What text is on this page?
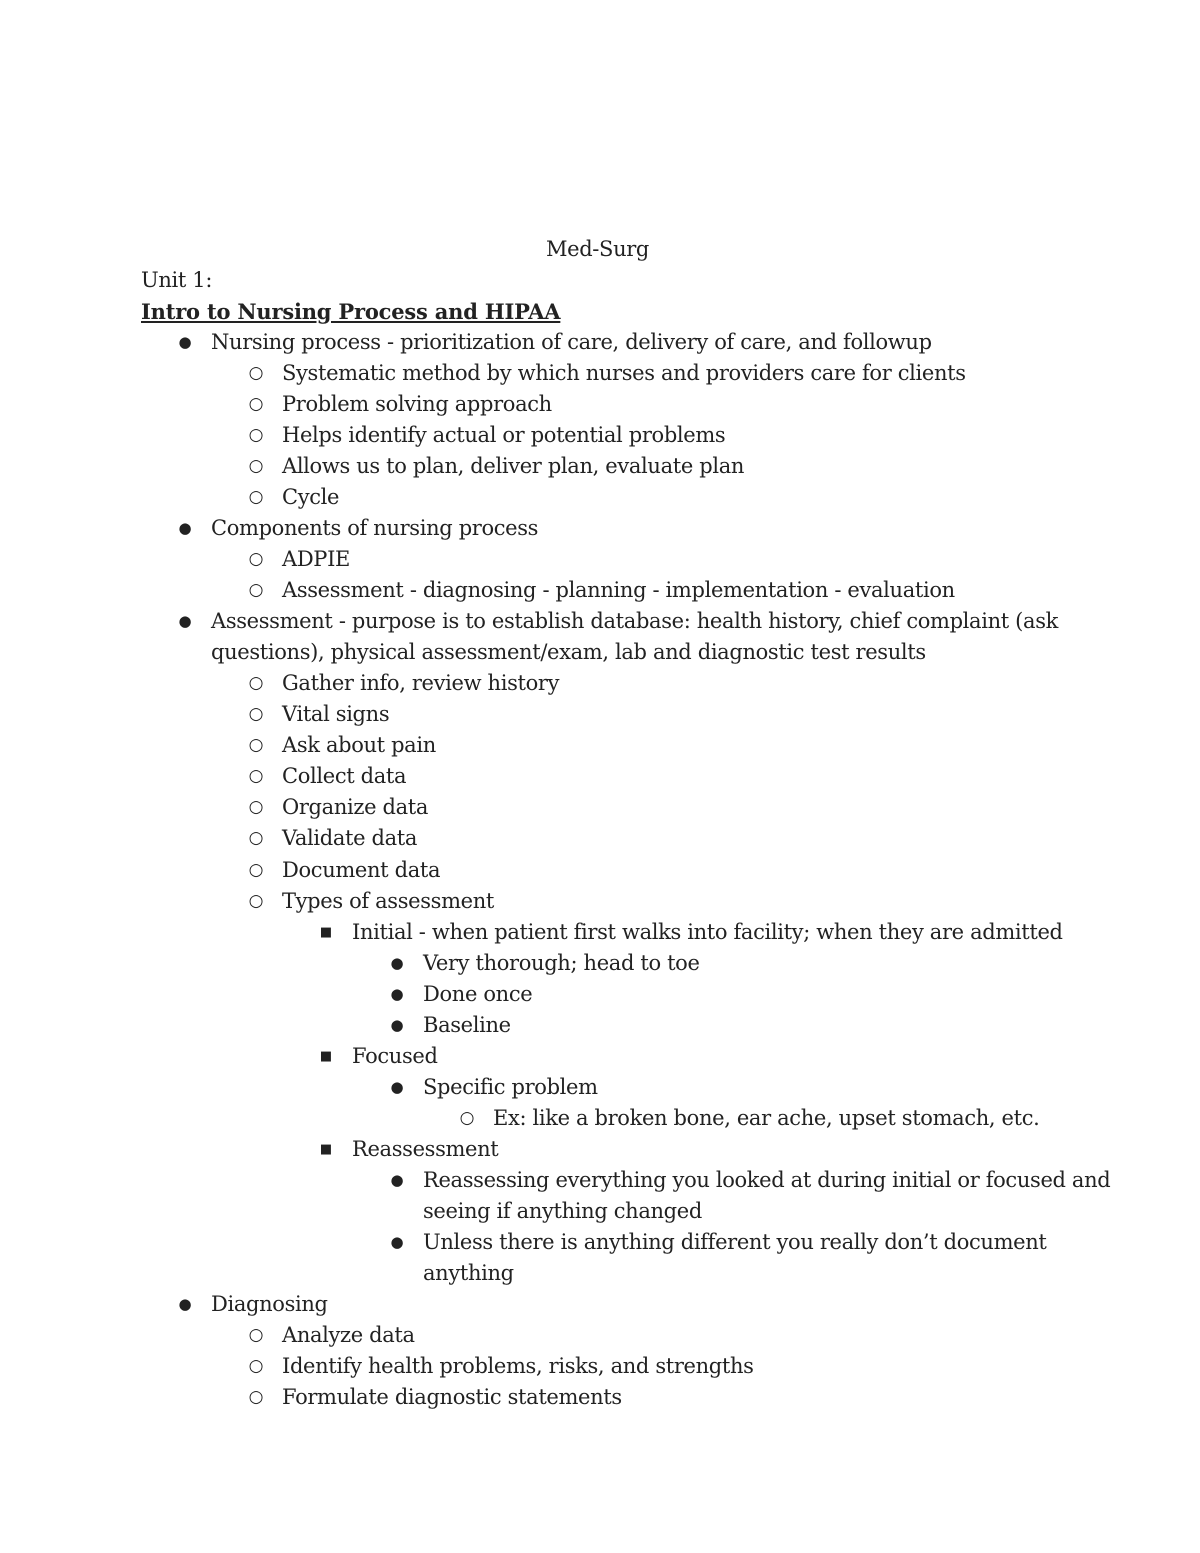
Med-Surg
Unit 1:
Intro to Nursing Process and HIPAA
● Nursing process - prioritization of care, delivery of care, and followup
○ Systematic method by which nurses and providers care for clients
○ Problem solving approach
○ Helps identify actual or potential problems
○ Allows us to plan, deliver plan, evaluate plan
○ Cycle
● Components of nursing process
○ ADPIE
○ Assessment - diagnosing - planning - implementation - evaluation
● Assessment - purpose is to establish database: health history, chief complaint (ask
questions), physical assessment/exam, lab and diagnostic test results
○ Gather info, review history
○ Vital signs
○ Ask about pain
○ Collect data
○ Organize data
○ Validate data
○ Document data
○ Types of assessment
■ Initial - when patient first walks into facility; when they are admitted
● Very thorough; head to toe
● Done once
● Baseline
■ Focused
● Specific problem
○ Ex: like a broken bone, ear ache, upset stomach, etc.
■ Reassessment
● Reassessing everything you looked at during initial or focused and
seeing if anything changed
● Unless there is anything different you really don’t document
anything
● Diagnosing
○ Analyze data
○ Identify health problems, risks, and strengths
○ Formulate diagnostic statements
